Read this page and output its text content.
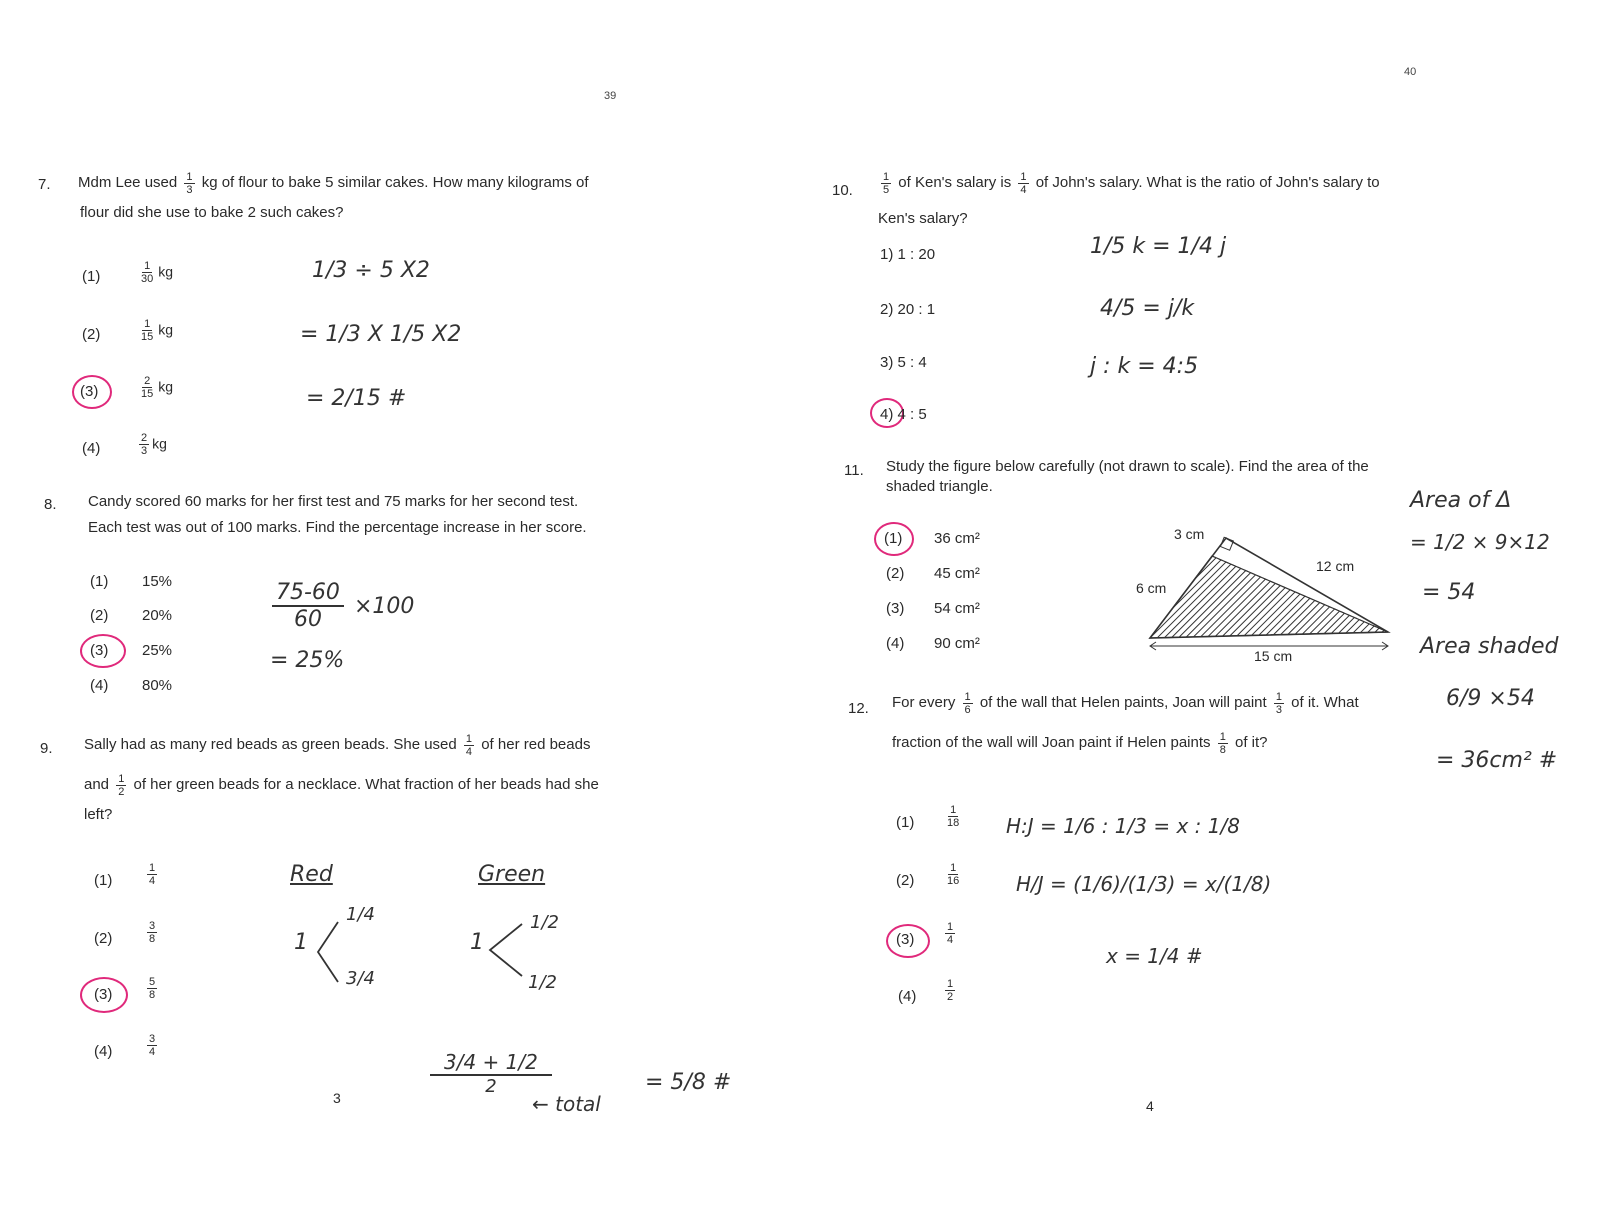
39
7. Mdm Lee used $\frac{1}{3}$ kg of flour to bake 5 similar cakes. How many kilograms of
flour did she use to bake 2 such cakes?
(1)	$\frac{1}{30}$ kg
(2)	$\frac{1}{15}$ kg
(3)	$\frac{2}{15}$ kg
(4)	$\frac{2}{3}$ kg
1/3 ÷ 5 X2
= 1/3 X 1/5 X2
= 2/15 #
8. Candy scored 60 marks for her first test and 75 marks for her second test.
Each test was out of 100 marks. Find the percentage increase in her score.
(1) 15%
(2) 20%
(3) 25%
(4) 80%
$\frac{75-60}{60} \times 100$
= 25%
9. Sally had as many red beads as green beads. She used $\frac{1}{4}$ of her red beads
and $\frac{1}{2}$ of her green beads for a necklace. What fraction of her beads had she
left?
(1)	$\frac{1}{4}$
(2)	$\frac{3}{8}$
(3)	$\frac{5}{8}$
(4)	$\frac{3}{4}$
Red	Green
1	1
1/4
3/4
1/2
1/2
3/4 + 1/2
2
← total
= 5/8 #
3
40
10.	$\frac{1}{5}$ of Ken's salary is $\frac{1}{4}$ of John's salary. What is the ratio of John's salary to
Ken's salary?
1) 1 : 20
2) 20 : 1
3) 5 : 4
4) 4 : 5
1/5 k = 1/4 j
4/5 = j/k
j : k = 4:5
11. Study the figure below carefully (not drawn to scale). Find the area of the
shaded triangle.
(1) 36 cm²
(2) 45 cm²
(3) 54 cm²
(4) 90 cm²
3 cm
6 cm
12 cm
15 cm
Area of Δ
= 1/2 × 9×12
= 54
Area shaded
6/9 ×54
= 36cm² #
12. For every $\frac{1}{6}$ of the wall that Helen paints, Joan will paint $\frac{1}{3}$ of it. What
fraction of the wall will Joan paint if Helen paints $\frac{1}{8}$ of it?
(1)	$\frac{1}{18}$
(2)	$\frac{1}{16}$
(3)	$\frac{1}{4}$
(4)	$\frac{1}{2}$
H:J = 1/6 : 1/3 = x : 1/8
H/J = (1/6)/(1/3) = x/(1/8)
x = 1/4 #
4
